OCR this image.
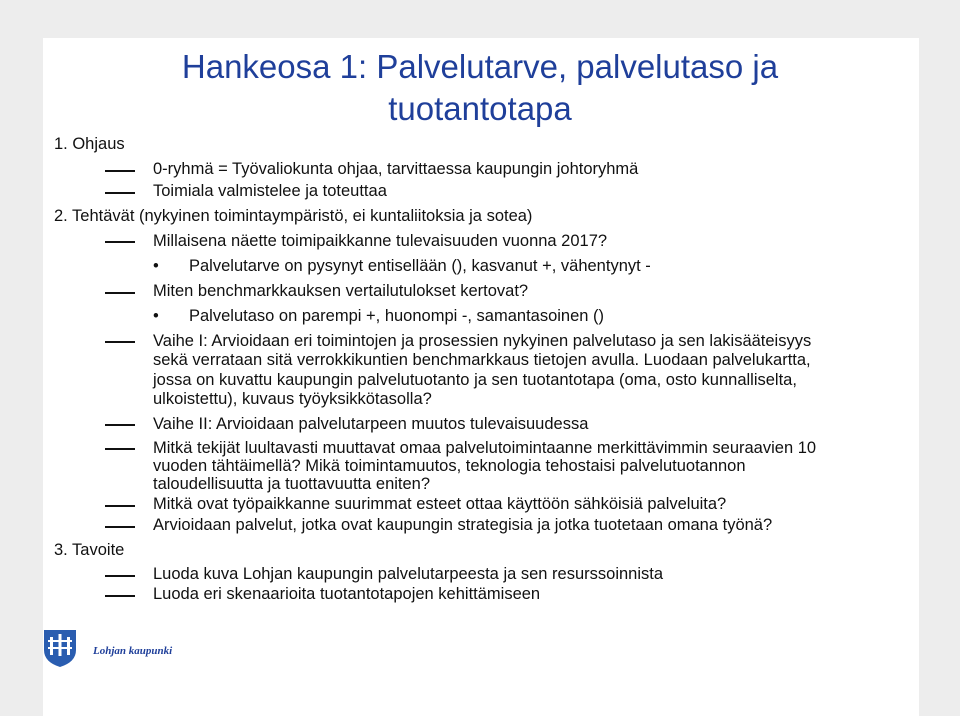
Hankeosa 1: Palvelutarve, palvelutaso ja
tuotantotapa
1. Ohjaus
0-ryhmä = Työvaliokunta ohjaa, tarvittaessa kaupungin johtoryhmä
Toimiala valmistelee ja toteuttaa
2. Tehtävät (nykyinen toimintaympäristö, ei kuntaliitoksia ja sotea)
Millaisena näette toimipaikkanne tulevaisuuden vuonna 2017?
• Palvelutarve on pysynyt entisellään (), kasvanut +, vähentynyt -
Miten benchmarkkauksen vertailutulokset kertovat?
• Palvelutaso on parempi +, huonompi -, samantasoinen ()
Vaihe I: Arvioidaan eri toimintojen ja prosessien nykyinen palvelutaso ja sen lakisääteisyys
sekä verrataan sitä verrokkikuntien benchmarkkaus tietojen avulla. Luodaan palvelukartta,
jossa on kuvattu kaupungin palvelutuotanto ja sen tuotantotapa (oma, osto kunnalliselta,
ulkoistettu), kuvaus työyksikkötasolla?
Vaihe II: Arvioidaan palvelutarpeen muutos tulevaisuudessa
Mitkä tekijät luultavasti muuttavat omaa palvelutoimintaanne merkittävimmin seuraavien 10
vuoden tähtäimellä? Mikä toimintamuutos, teknologia tehostaisi palvelutuotannon
taloudellisuutta ja tuottavuutta eniten?
Mitkä ovat työpaikkanne suurimmat esteet ottaa käyttöön sähköisiä palveluita?
Arvioidaan palvelut, jotka ovat kaupungin strategisia ja jotka tuotetaan omana työnä?
3. Tavoite
Luoda kuva Lohjan kaupungin palvelutarpeesta ja sen resurssoinnista
Luoda eri skenaarioita tuotantotapojen kehittämiseen
Lohjan kaupunki
